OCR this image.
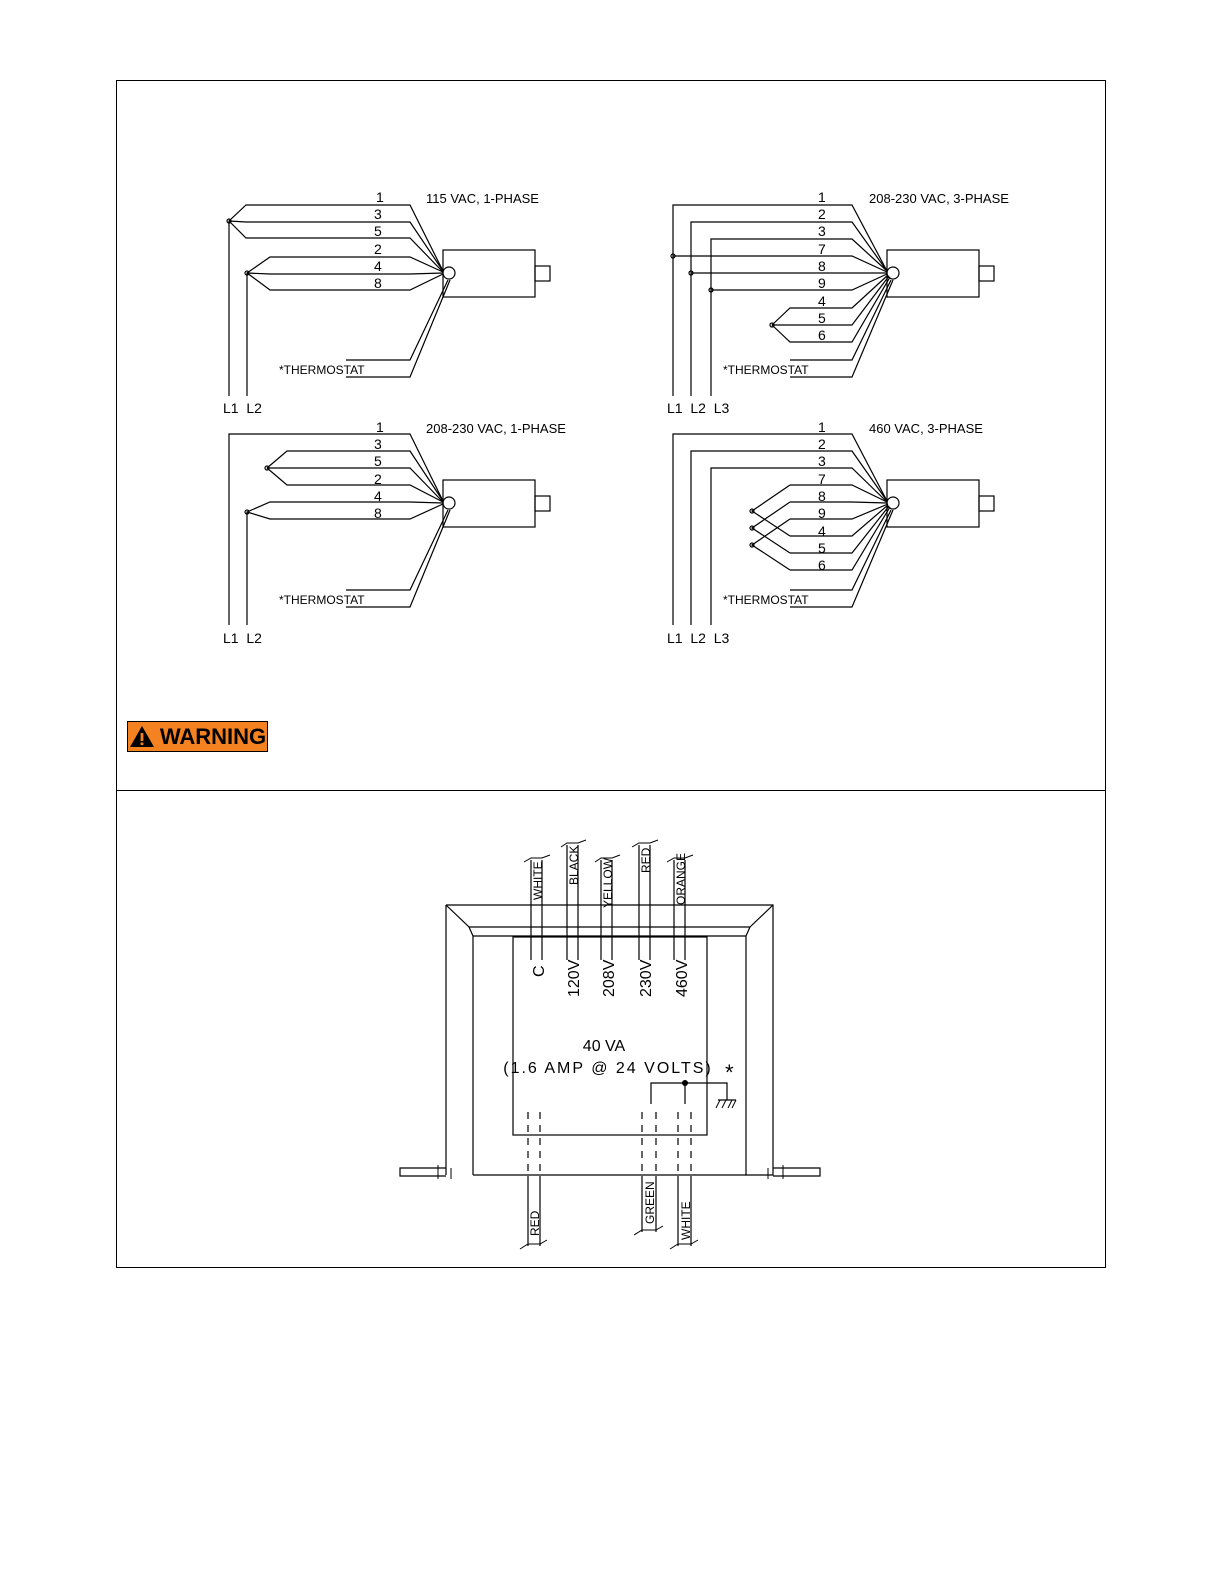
1
3
5
2
4
8
115 VAC, 1-PHASE
*THERMOSTAT
L1  L2
1
2
3
7
8
9
4
5
6
208-230 VAC, 3-PHASE
*THERMOSTAT
L1  L2  L3
1
3
5
2
4
8
208-230 VAC, 1-PHASE
*THERMOSTAT
L1  L2
1
2
3
7
8
9
4
5
6
460 VAC, 3-PHASE
*THERMOSTAT
L1  L2  L3
WHITE BLACK YELLOW RED ORANGE
C 120V 208V 230V 460V
40 VA
(1.6 AMP @ 24 VOLTS) *
RED	GREEN WHITE
WARNING
